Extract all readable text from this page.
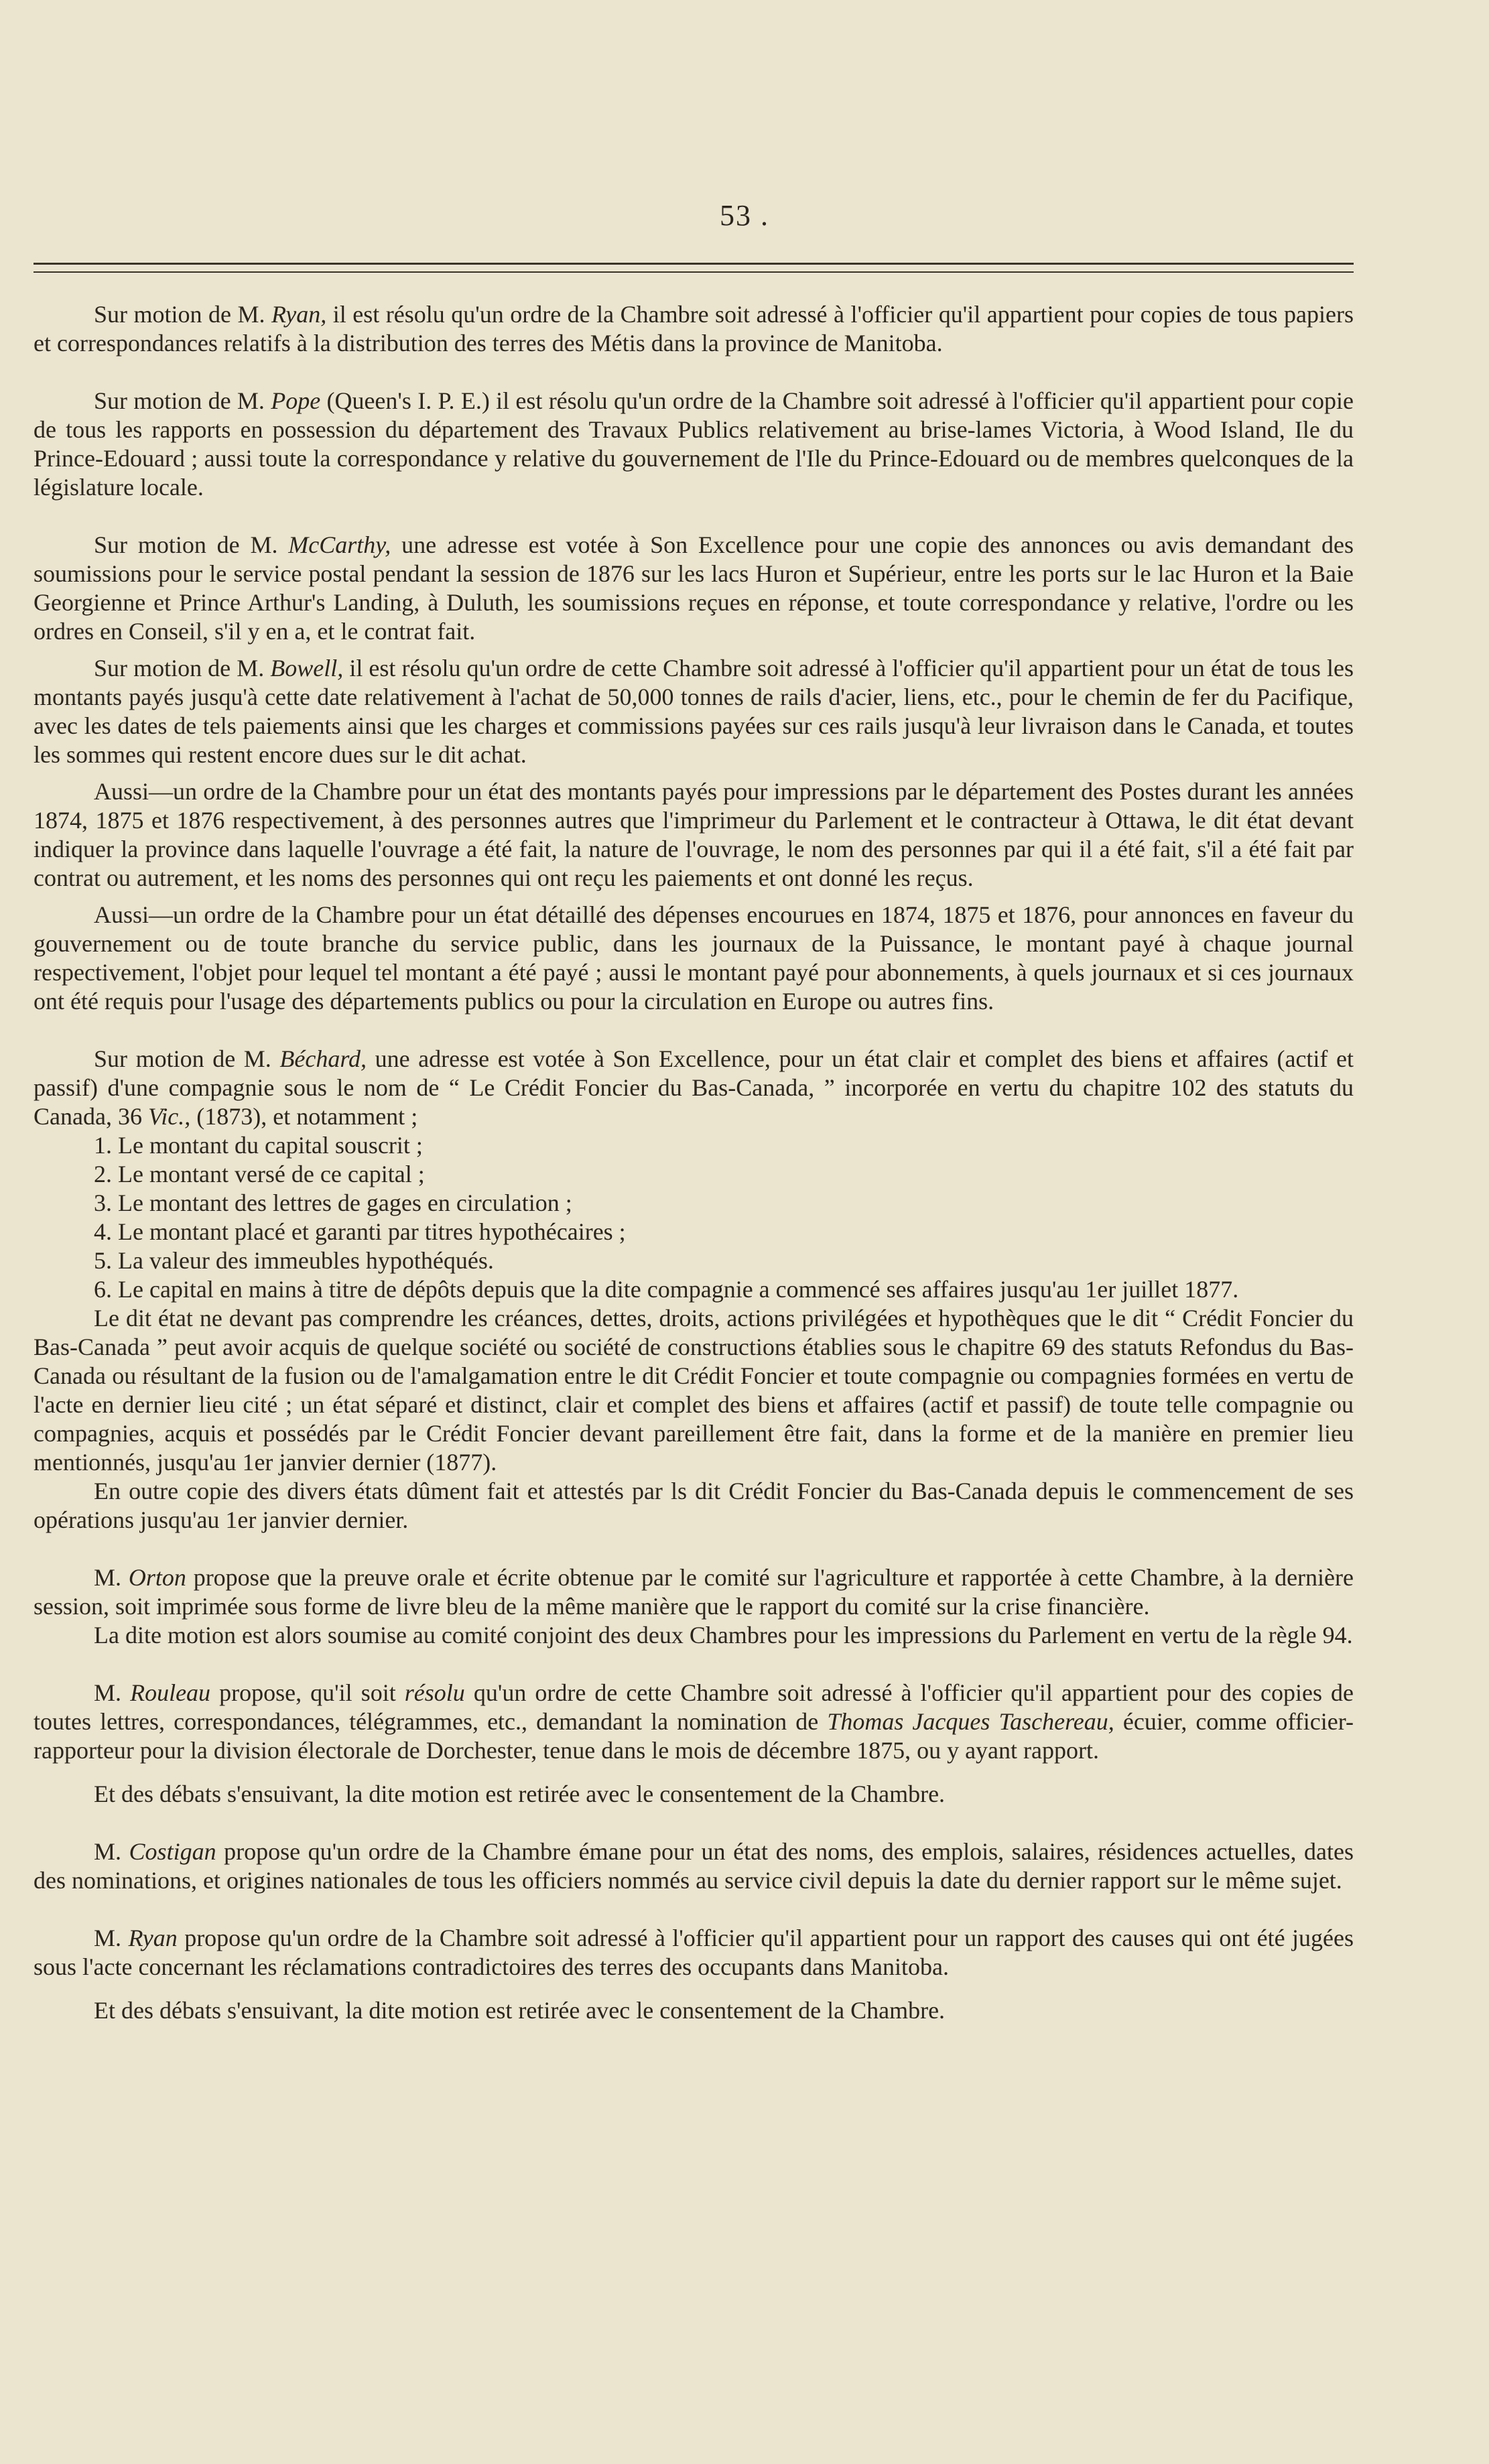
53 .

Sur motion de M. Ryan, il est résolu qu'un ordre de la Chambre soit adressé à l'officier qu'il appartient pour copies de tous papiers et correspondances relatifs à la distribution des terres des Métis dans la province de Manitoba.

Sur motion de M. Pope (Queen's I. P. E.) il est résolu qu'un ordre de la Chambre soit adressé à l'officier qu'il appartient pour copie de tous les rapports en possession du département des Travaux Publics relativement au brise-lames Victoria, à Wood Island, Ile du Prince-Edouard ; aussi toute la correspondance y relative du gouvernement de l'Ile du Prince-Edouard ou de membres quelconques de la législature locale.

Sur motion de M. McCarthy, une adresse est votée à Son Excellence pour une copie des annonces ou avis demandant des soumissions pour le service postal pendant la session de 1876 sur les lacs Huron et Supérieur, entre les ports sur le lac Huron et la Baie Georgienne et Prince Arthur's Landing, à Duluth, les soumissions reçues en réponse, et toute correspondance y relative, l'ordre ou les ordres en Conseil, s'il y en a, et le contrat fait.

Sur motion de M. Bowell, il est résolu qu'un ordre de cette Chambre soit adressé à l'officier qu'il appartient pour un état de tous les montants payés jusqu'à cette date relativement à l'achat de 50,000 tonnes de rails d'acier, liens, etc., pour le chemin de fer du Pacifique, avec les dates de tels paiements ainsi que les charges et commissions payées sur ces rails jusqu'à leur livraison dans le Canada, et toutes les sommes qui restent encore dues sur le dit achat.

Aussi—un ordre de la Chambre pour un état des montants payés pour impressions par le département des Postes durant les années 1874, 1875 et 1876 respectivement, à des personnes autres que l'imprimeur du Parlement et le contracteur à Ottawa, le dit état devant indiquer la province dans laquelle l'ouvrage a été fait, la nature de l'ouvrage, le nom des personnes par qui il a été fait, s'il a été fait par contrat ou autrement, et les noms des personnes qui ont reçu les paiements et ont donné les reçus.

Aussi—un ordre de la Chambre pour un état détaillé des dépenses encourues en 1874, 1875 et 1876, pour annonces en faveur du gouvernement ou de toute branche du service public, dans les journaux de la Puissance, le montant payé à chaque journal respectivement, l'objet pour lequel tel montant a été payé ; aussi le montant payé pour abonnements, à quels journaux et si ces journaux ont été requis pour l'usage des départements publics ou pour la circulation en Europe ou autres fins.

Sur motion de M. Béchard, une adresse est votée à Son Excellence, pour un état clair et complet des biens et affaires (actif et passif) d'une compagnie sous le nom de “ Le Crédit Foncier du Bas-Canada, ” incorporée en vertu du chapitre 102 des statuts du Canada, 36 Vic., (1873), et notamment ;

1. Le montant du capital souscrit ;

2. Le montant versé de ce capital ;

3. Le montant des lettres de gages en circulation ;

4. Le montant placé et garanti par titres hypothécaires ;

5. La valeur des immeubles hypothéqués.

6. Le capital en mains à titre de dépôts depuis que la dite compagnie a commencé ses affaires jusqu'au 1er juillet 1877.

Le dit état ne devant pas comprendre les créances, dettes, droits, actions privilégées et hypothèques que le dit “ Crédit Foncier du Bas-Canada ” peut avoir acquis de quelque société ou société de constructions établies sous le chapitre 69 des statuts Refondus du Bas-Canada ou résultant de la fusion ou de l'amalgamation entre le dit Crédit Foncier et toute compagnie ou compagnies formées en vertu de l'acte en dernier lieu cité ; un état séparé et distinct, clair et complet des biens et affaires (actif et passif) de toute telle compagnie ou compagnies, acquis et possédés par le Crédit Foncier devant pareillement être fait, dans la forme et de la manière en premier lieu mentionnés, jusqu'au 1er janvier dernier (1877).

En outre copie des divers états dûment fait et attestés par ls dit Crédit Foncier du Bas-Canada depuis le commencement de ses opérations jusqu'au 1er janvier dernier.

M. Orton propose que la preuve orale et écrite obtenue par le comité sur l'agriculture et rapportée à cette Chambre, à la dernière session, soit imprimée sous forme de livre bleu de la même manière que le rapport du comité sur la crise financière.

La dite motion est alors soumise au comité conjoint des deux Chambres pour les impressions du Parlement en vertu de la règle 94.

M. Rouleau propose, qu'il soit résolu qu'un ordre de cette Chambre soit adressé à l'officier qu'il appartient pour des copies de toutes lettres, correspondances, télégrammes, etc., demandant la nomination de Thomas Jacques Taschereau, écuier, comme officier-rapporteur pour la division électorale de Dorchester, tenue dans le mois de décembre 1875, ou y ayant rapport.

Et des débats s'ensuivant, la dite motion est retirée avec le consentement de la Chambre.

M. Costigan propose qu'un ordre de la Chambre émane pour un état des noms, des emplois, salaires, résidences actuelles, dates des nominations, et origines nationales de tous les officiers nommés au service civil depuis la date du dernier rapport sur le même sujet.

M. Ryan propose qu'un ordre de la Chambre soit adressé à l'officier qu'il appartient pour un rapport des causes qui ont été jugées sous l'acte concernant les réclamations contradictoires des terres des occupants dans Manitoba.

Et des débats s'ensuivant, la dite motion est retirée avec le consentement de la Chambre.
